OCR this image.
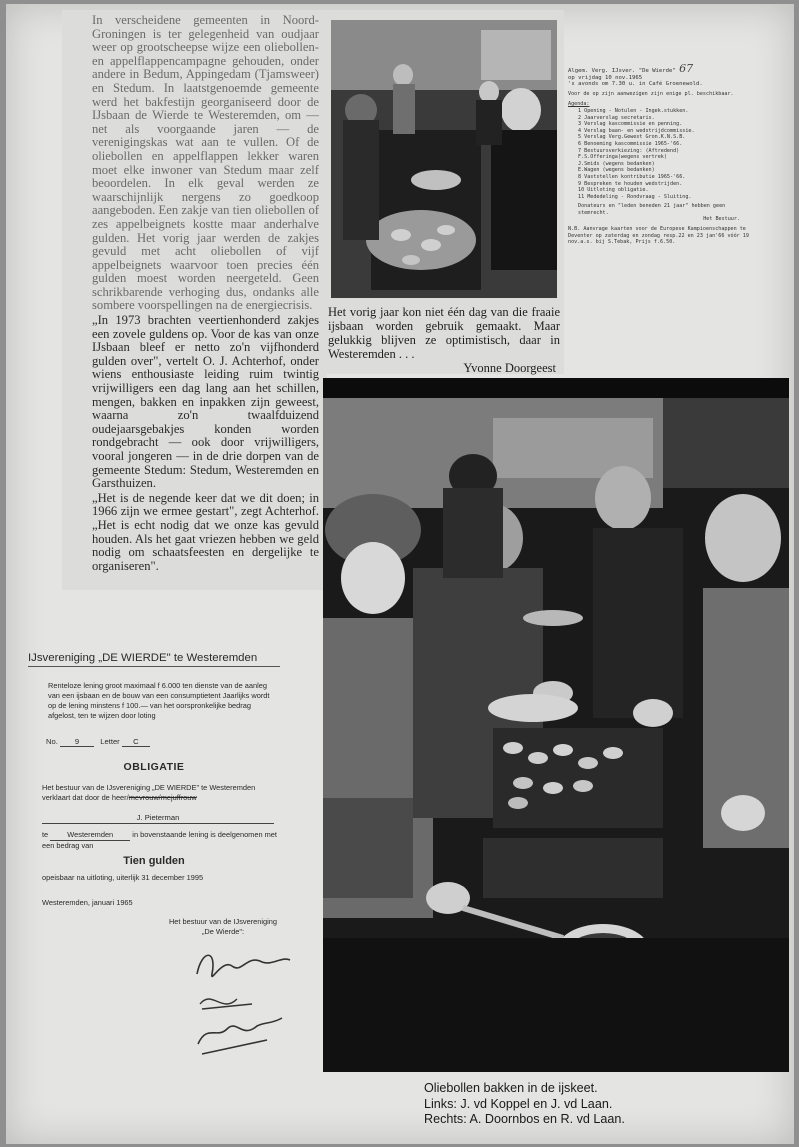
In verscheidene gemeenten in Noord-Groningen is ter gelegenheid van oudjaar weer op grootscheepse wijze een oliebollen- en appelflappencampagne gehouden, onder andere in Bedum, Appingedam (Tjamsweer) en Stedum. In laatstgenoemde gemeente werd het bakfestijn georganiseerd door de IJsbaan de Wierde te Westeremden, om — net als voorgaande jaren — de verenigingskas wat aan te vullen. Of de oliebollen en appelflappen lekker waren moet elke inwoner van Stedum maar zelf beoordelen. In elk geval werden ze waarschijnlijk nergens zo goedkoop aangeboden. Een zakje van tien oliebollen of zes appelbeignets kostte maar anderhalve gulden. Het vorig jaar werden de zakjes gevuld met acht oliebollen of vijf appelbeignets waarvoor toen precies één gulden moest worden neergeteld. Geen schrikbarende verhoging dus, ondanks alle sombere voorspellingen na de energiecrisis.

„In 1973 brachten veertienhonderd zakjes een zovele guldens op. Voor de kas van onze IJsbaan bleef er netto zo'n vijfhonderd gulden over", vertelt O. J. Achterhof, onder wiens enthousiaste leiding ruim twintig vrijwilligers een dag lang aan het schillen, mengen, bakken en inpakken zijn geweest, waarna zo'n twaalfduizend oudejaarsgebakjes konden worden rondgebracht — ook door vrijwilligers, vooral jongeren — in de drie dorpen van de gemeente Stedum: Stedum, Westeremden en Garsthuizen.

„Het is de negende keer dat we dit doen; in 1966 zijn we ermee gestart", zegt Achterhof. „Het is echt nodig dat we onze kas gevuld houden. Als het gaat vriezen hebben we geld nodig om schaatsfeesten en dergelijke te organiseren".

Het vorig jaar kon niet één dag van die fraaie ijsbaan worden gebruik gemaakt. Maar gelukkig blijven ze optimistisch, daar in Westeremden . . .
Yvonne Doorgeest
Algem. Verg. IJsver. "De Wierde" 67
op vrijdag 10 nov.1965
's avonds om 7.30 u. in Café Groenewold.
Voor de op zijn aanwezigen zijn enige pl. beschikbaar.
Agenda:
1 Opening - Notulen - Ingek.stukken.
2 Jaarverslag secretaris.
3 Verslag kascommissie en penning.
4 Verslag baan- en wedstrijdcommissie.
5 Verslag Verg.Gewest Gron.K.N.S.B.
6 Benoeming kascommissie 1965-'66.
7 Bestuursverkiezing: (Aftredend)
F.S.Offeringa(wegens vertrek)
J.Smids (wegens bedanken)
E.Wagen (wegens bedanken)
8 Vaststellen kontributie 1965-'66.
9 Bespreken te houden wedstrijden.
10 Uitloting obligatie.
11 Mededeling - Rondvraag - Sluiting.
Donateurs en "leden beneden 21 jaar" hebben geen stemrecht.
Het Bestuur.
N.B. Aanvrage kaarten voor de Europese Kampioenschappen te Deventer op zaterdag en zondag resp.22 en 23 jan'66 vóór 19 nov.a.s. bij S.Tebak, Prijs f.6.50.
Oliebollen bakken in de ijskeet.
Links: J. vd Koppel en J. vd Laan.
Rechts: A. Doornbos en R. vd Laan.
IJsvereniging „DE WIERDE" te Westeremden
Renteloze lening groot maximaal f 6.000 ten dienste van de aanleg van een ijsbaan en de bouw van een consumptietent Jaarlijks wordt op de lening minstens f 100.— van het oorspronkelijke bedrag afgelost, ten te wijzen door loting
No. 9	Letter C
OBLIGATIE
Het bestuur van de IJsvereniging „DE WIERDE" te Westeremden verklaart dat door de heer/mevrouw/mejuffrouw
J. Pieterman
te	Westeremden	in bovenstaande lening is deelgenomen met een bedrag van
Tien gulden
opeisbaar na uitloting, uiterlijk 31 december 1995
Westeremden, januari 1965
Het bestuur van de IJsvereniging „De Wierde":
